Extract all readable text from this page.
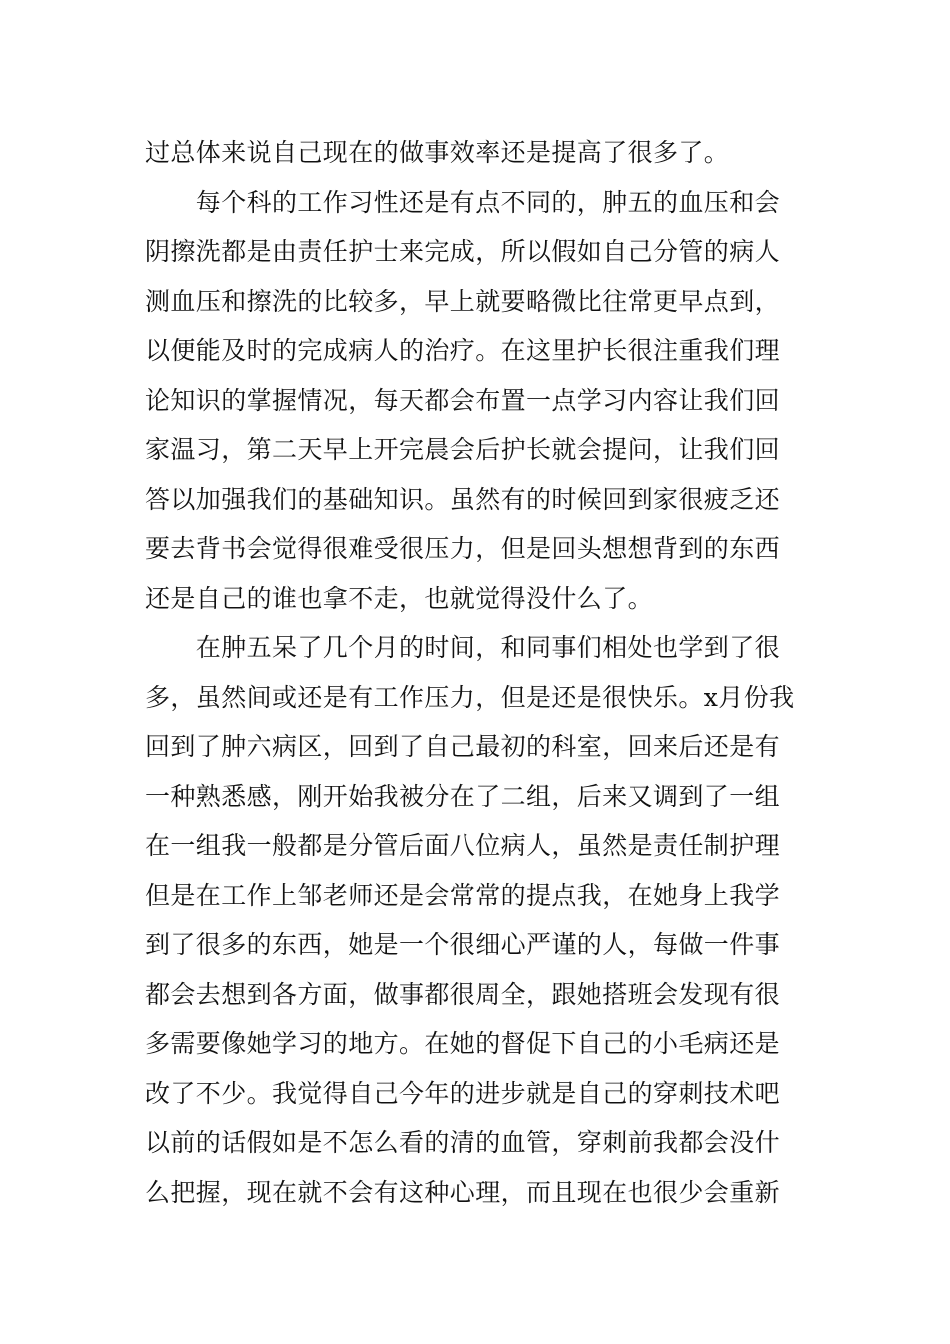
过总体来说自己现在的做事效率还是提高了很多了。
　　每个科的工作习性还是有点不同的，肿五的血压和会
阴擦洗都是由责任护士来完成，所以假如自己分管的病人
测血压和擦洗的比较多，早上就要略微比往常更早点到，
以便能及时的完成病人的治疗。在这里护长很注重我们理
论知识的掌握情况，每天都会布置一点学习内容让我们回
家温习，第二天早上开完晨会后护长就会提问，让我们回
答以加强我们的基础知识。虽然有的时候回到家很疲乏还
要去背书会觉得很难受很压力，但是回头想想背到的东西
还是自己的谁也拿不走，也就觉得没什么了。
　　在肿五呆了几个月的时间，和同事们相处也学到了很
多，虽然间或还是有工作压力，但是还是很快乐。x月份我
回到了肿六病区，回到了自己最初的科室，回来后还是有
一种熟悉感，刚开始我被分在了二组，后来又调到了一组
在一组我一般都是分管后面八位病人，虽然是责任制护理
但是在工作上邹老师还是会常常的提点我，在她身上我学
到了很多的东西，她是一个很细心严谨的人，每做一件事
都会去想到各方面，做事都很周全，跟她搭班会发现有很
多需要像她学习的地方。在她的督促下自己的小毛病还是
改了不少。我觉得自己今年的进步就是自己的穿刺技术吧
以前的话假如是不怎么看的清的血管，穿刺前我都会没什
么把握，现在就不会有这种心理，而且现在也很少会重新
